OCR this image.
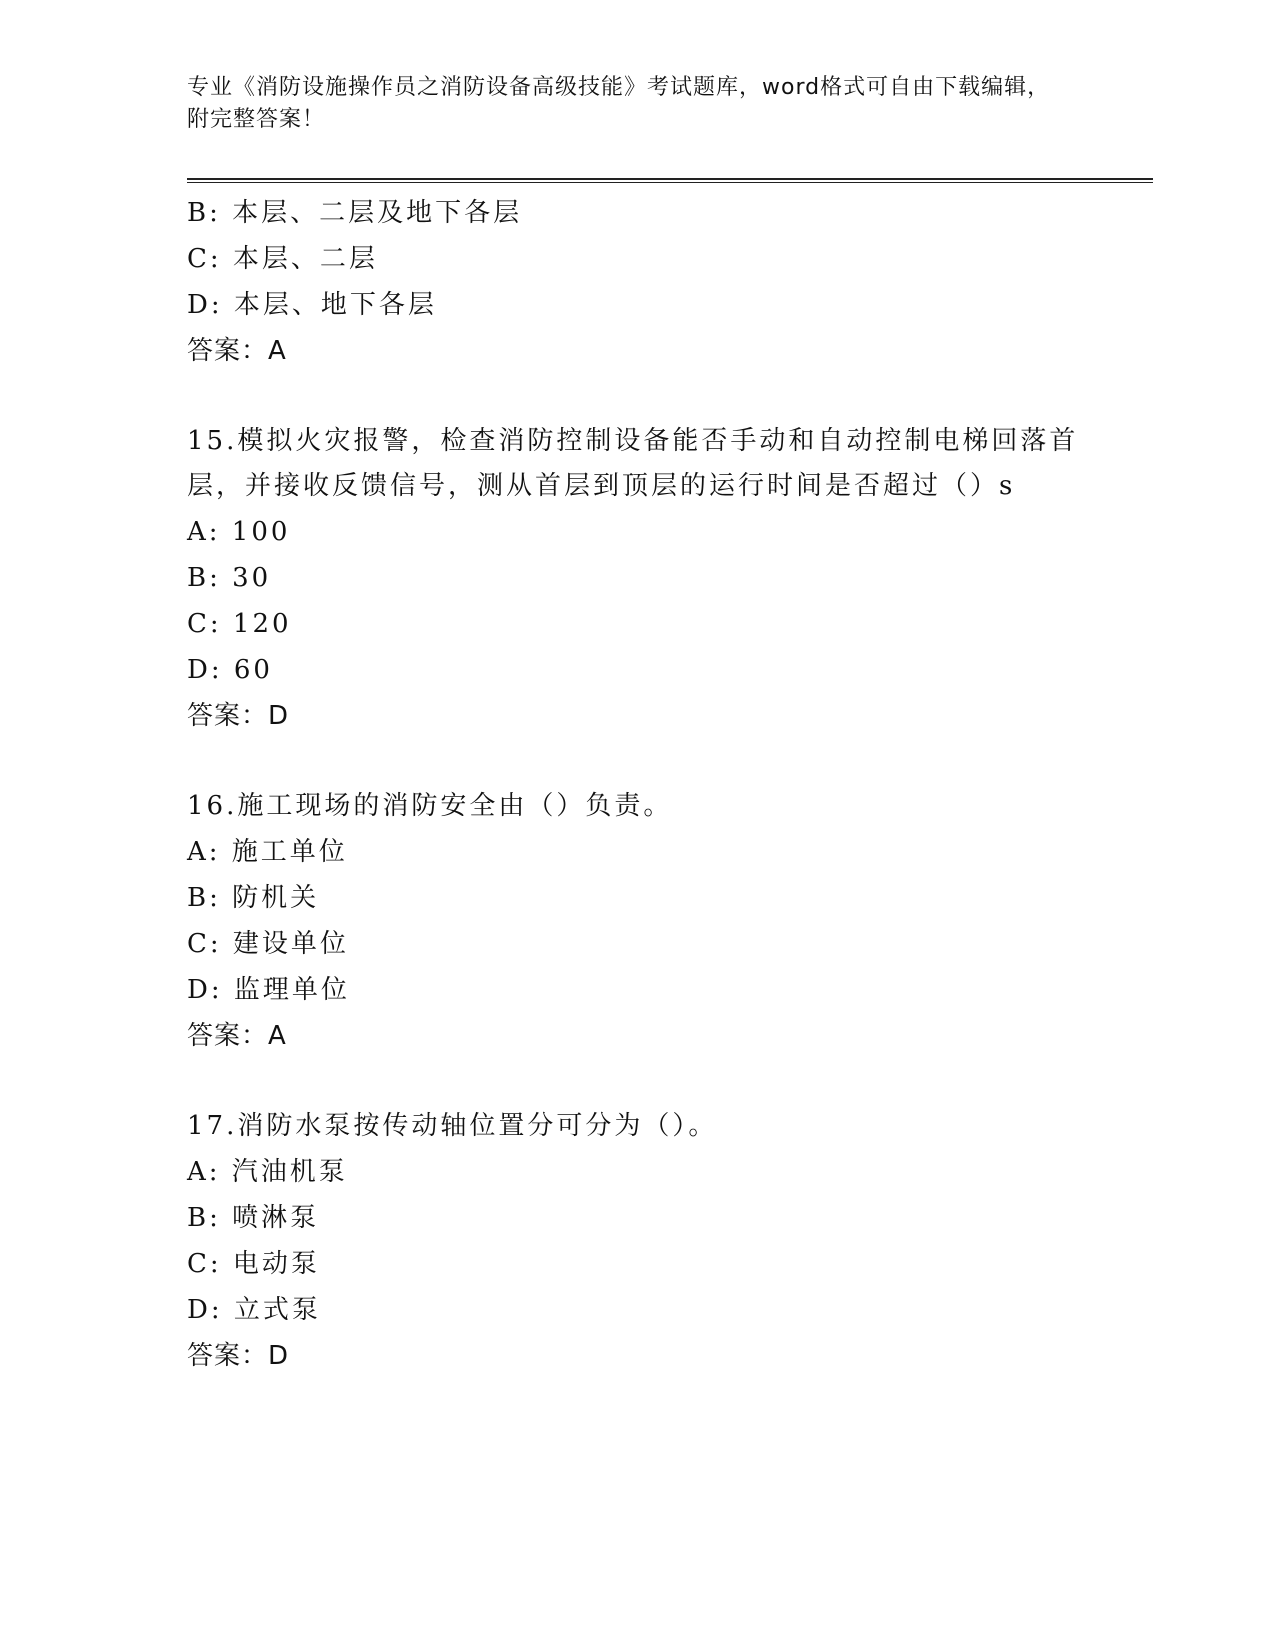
专业《消防设施操作员之消防设备高级技能》考试题库，word格式可自由下载编辑，附完整答案！
B: 本层、二层及地下各层
C: 本层、二层
D: 本层、地下各层
答案：A
15.模拟火灾报警，检查消防控制设备能否手动和自动控制电梯回落首层，并接收反馈信号，测从首层到顶层的运行时间是否超过（）s
A: 100
B: 30
C: 120
D: 60
答案：D
16.施工现场的消防安全由（）负责。
A: 施工单位
B: 防机关
C: 建设单位
D: 监理单位
答案：A
17.消防水泵按传动轴位置分可分为（）。
A: 汽油机泵
B: 喷淋泵
C: 电动泵
D: 立式泵
答案：D
